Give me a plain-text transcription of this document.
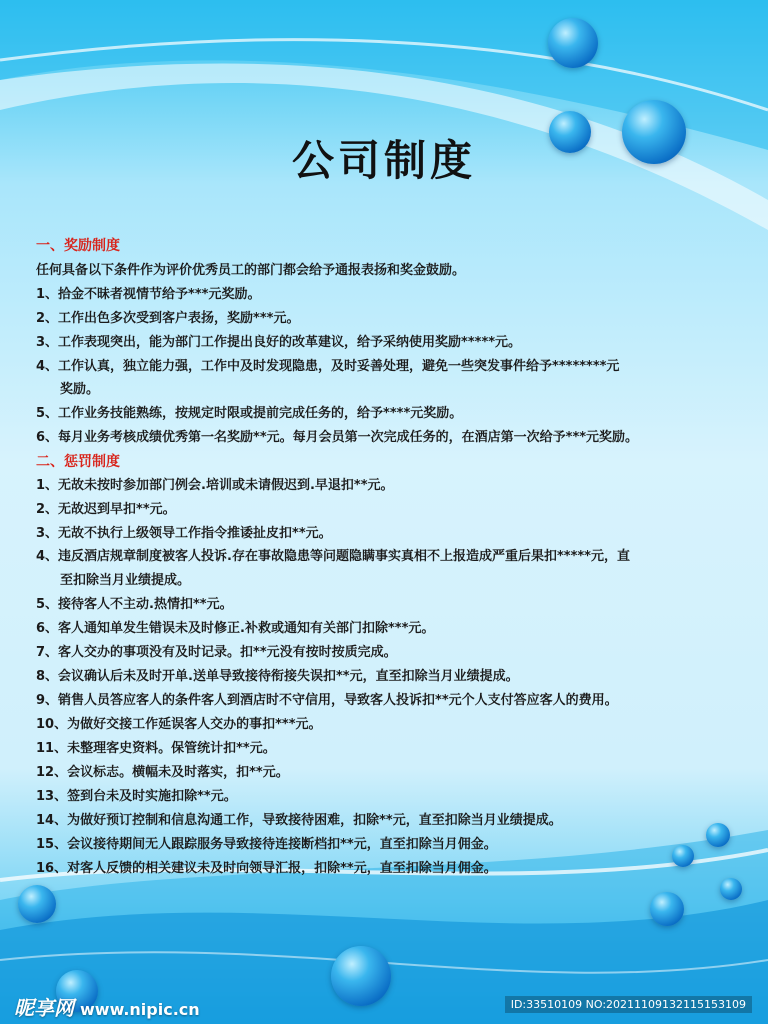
公司制度
一、奖励制度
任何具备以下条件作为评价优秀员工的部门都会给予通报表扬和奖金鼓励。
1、拾金不昧者视情节给予***元奖励。
2、工作出色多次受到客户表扬，奖励***元。
3、工作表现突出，能为部门工作提出良好的改革建议，给予采纳使用奖励*****元。
4、工作认真，独立能力强，工作中及时发现隐患，及时妥善处理，避免一些突发事件给予********元
奖励。
5、工作业务技能熟练，按规定时限或提前完成任务的，给予****元奖励。
6、每月业务考核成绩优秀第一名奖励**元。每月会员第一次完成任务的，在酒店第一次给予***元奖励。
二、惩罚制度
1、无故未按时参加部门例会.培训或未请假迟到.早退扣**元。
2、无故迟到早扣**元。
3、无故不执行上级领导工作指令推诿扯皮扣**元。
4、违反酒店规章制度被客人投诉.存在事故隐患等问题隐瞒事实真相不上报造成严重后果扣*****元，直
至扣除当月业绩提成。
5、接待客人不主动.热情扣**元。
6、客人通知单发生错误未及时修正.补救或通知有关部门扣除***元。
7、客人交办的事项没有及时记录。扣**元没有按时按质完成。
8、会议确认后未及时开单.送单导致接待衔接失误扣**元，直至扣除当月业绩提成。
9、销售人员答应客人的条件客人到酒店时不守信用，导致客人投诉扣**元个人支付答应客人的费用。
10、为做好交接工作延误客人交办的事扣***元。
11、未整理客史资料。保管统计扣**元。
12、会议标志。横幅未及时落实，扣**元。
13、签到台未及时实施扣除**元。
14、为做好预订控制和信息沟通工作，导致接待困难，扣除**元，直至扣除当月业绩提成。
15、会议接待期间无人跟踪服务导致接待连接断档扣**元，直至扣除当月佣金。
16、对客人反馈的相关建议未及时向领导汇报，扣除**元，直至扣除当月佣金。
昵享网 www.nipic.cn	ID:33510109 NO:20211109132115153109
